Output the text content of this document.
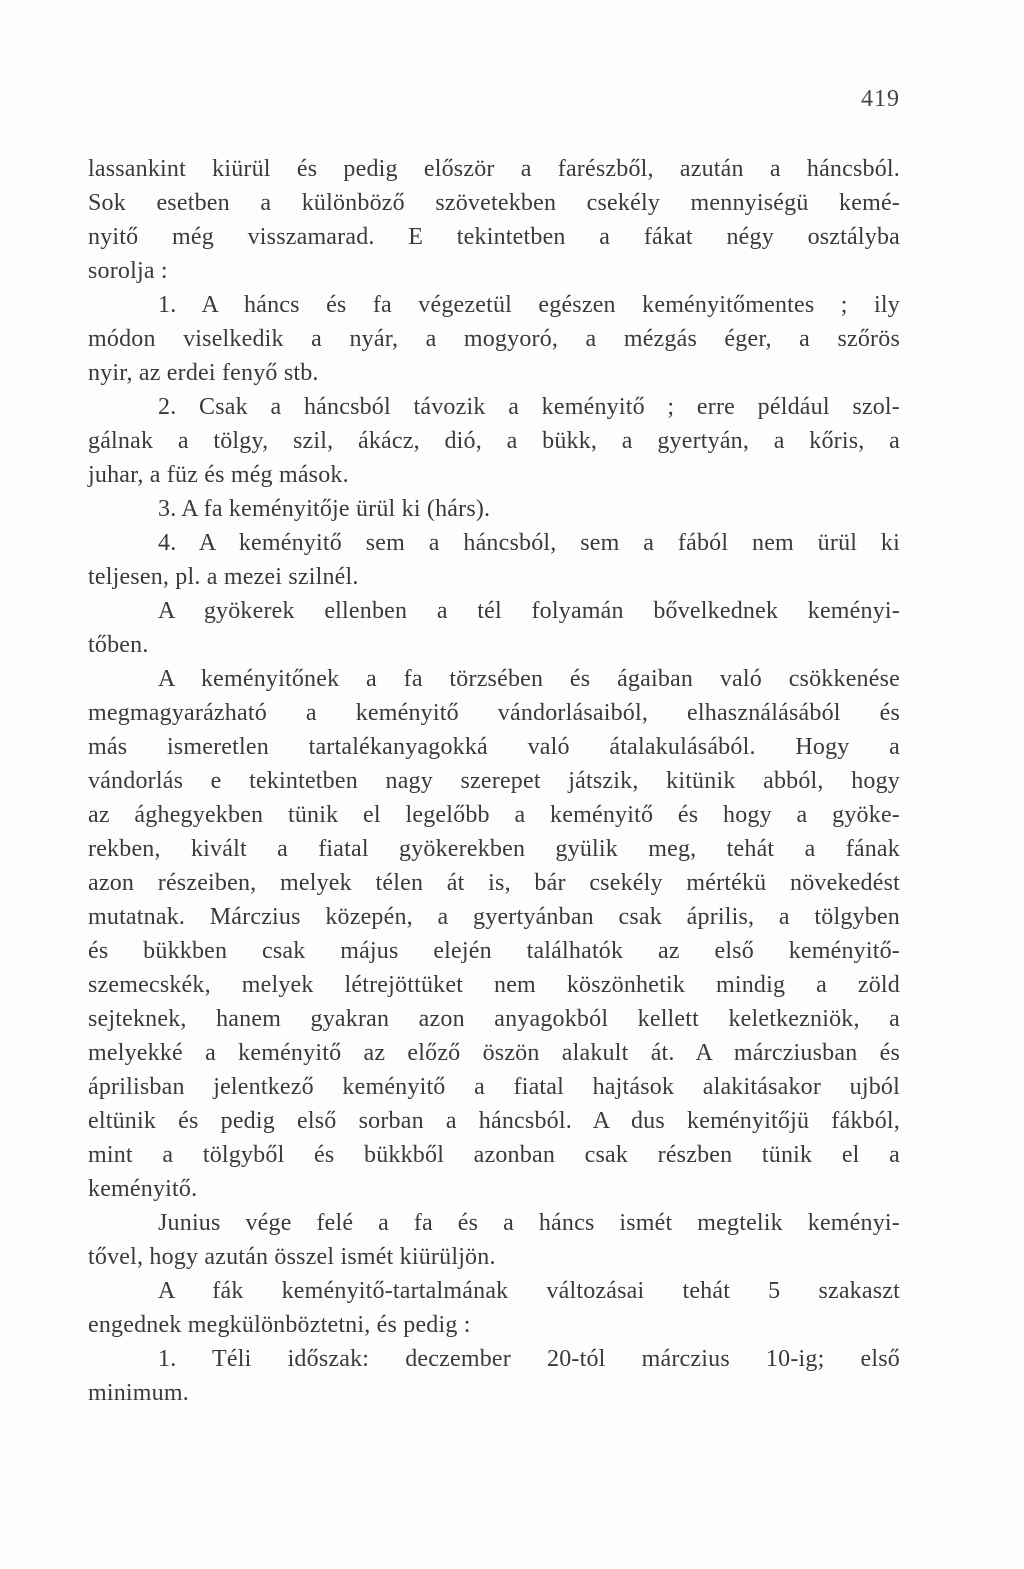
419
lassankint kiürül és pedig először a farészből, azután a háncsból.
Sok esetben a különböző szövetekben csekély mennyiségü kemé-
nyitő még visszamarad. E tekintetben a fákat négy osztályba
sorolja :
1. A háncs és fa végezetül egészen keményitőmentes ; ily
módon viselkedik a nyár, a mogyoró, a mézgás éger, a szőrös
nyir, az erdei fenyő stb.
2. Csak a háncsból távozik a keményitő ; erre például szol-
gálnak a tölgy, szil, ákácz, dió, a bükk, a gyertyán, a kőris, a
juhar, a füz és még mások.
3. A fa keményitője ürül ki (hárs).
4. A keményitő sem a háncsból, sem a fából nem ürül ki
teljesen, pl. a mezei szilnél.
A gyökerek ellenben a tél folyamán bővelkednek keményi-
tőben.
A keményitőnek a fa törzsében és ágaiban való csökkenése
megmagyarázható a keményitő vándorlásaiból, elhasználásából és
más ismeretlen tartalékanyagokká való átalakulásából. Hogy a
vándorlás e tekintetben nagy szerepet játszik, kitünik abból, hogy
az ághegyekben tünik el legelőbb a keményitő és hogy a gyöke-
rekben, kivált a fiatal gyökerekben gyülik meg, tehát a fának
azon részeiben, melyek télen át is, bár csekély mértékü növekedést
mutatnak. Márczius közepén, a gyertyánban csak április, a tölgyben
és bükkben csak május elején találhatók az első keményitő-
szemecskék, melyek létrejöttüket nem köszönhetik mindig a zöld
sejteknek, hanem gyakran azon anyagokból kellett keletkezniök, a
melyekké a keményitő az előző öszön alakult át. A márcziusban és
áprilisban jelentkező keményitő a fiatal hajtások alakitásakor ujból
eltünik és pedig első sorban a háncsból. A dus keményitőjü fákból,
mint a tölgyből és bükkből azonban csak részben tünik el a
keményitő.
Junius vége felé a fa és a háncs ismét megtelik keményi-
tővel, hogy azután összel ismét kiürüljön.
A fák keményitő-tartalmának változásai tehát 5 szakaszt
engednek megkülönböztetni, és pedig :
1. Téli időszak: deczember 20-tól márczius 10-ig; első
minimum.
